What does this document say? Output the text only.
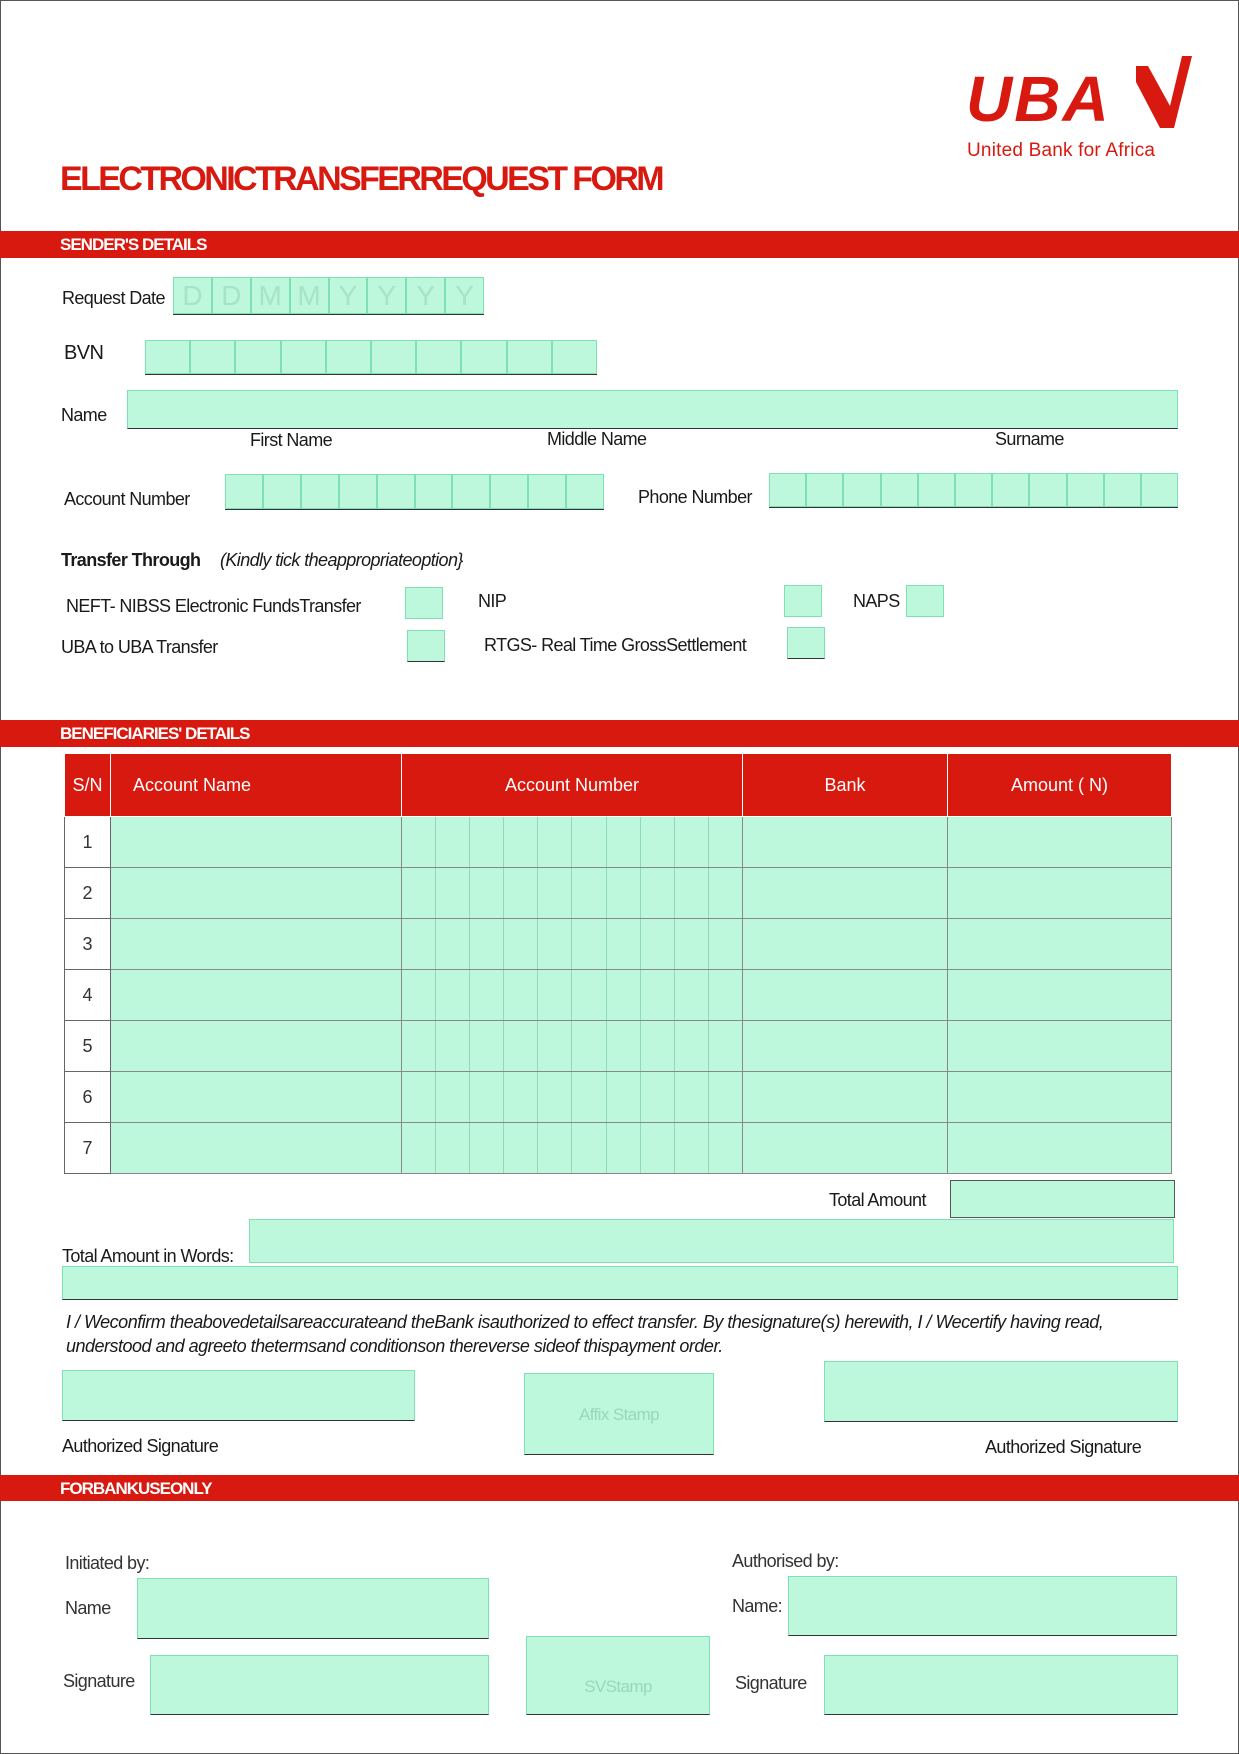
UBA
United Bank for Africa
ELECTRONICTRANSFERREQUEST FORM
SENDER'S DETAILS
Request Date D D M M Y Y Y Y
BVN
Name
First Name	Middle Name	Surname
Account Number	Phone Number
Transfer Through (Kindly tick theappropriateoption}
NEFT- NIBSS Electronic FundsTransfer	NIP	NAPS
UBA to UBA Transfer	RTGS- Real Time GrossSettlement
BENEFICIARIES' DETAILS
S/N	Account Name	Account Number	Bank	Amount ( N)
1		

2		

3		

4		

5		

6		

7		

Total Amount
Total Amount in Words:
I / Weconfirm theabovedetailsareaccurateand theBank isauthorized to effect transfer. By thesignature(s) herewith, I / Wecertify having read, understood and agreeto thetermsand conditionson thereverse sideof thispayment order.
Authorized Signature
Affix Stamp
Authorized Signature
FORBANKUSEONLY
Initiated by:	Authorised by:
Name	Name:
Signature	SVStamp	Signature
